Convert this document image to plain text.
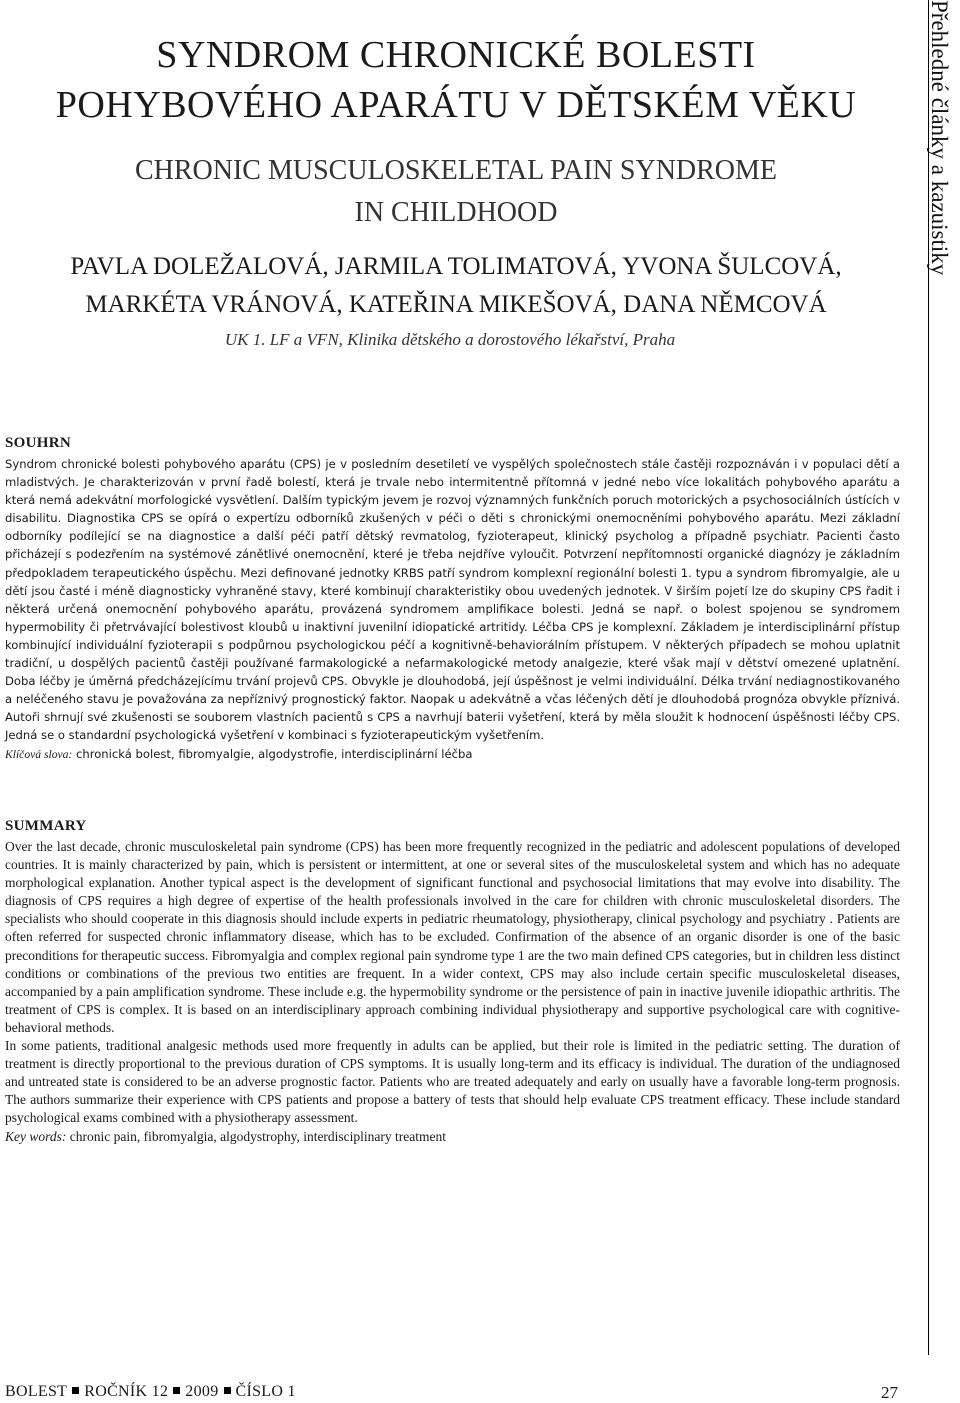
SYNDROM CHRONICKÉ BOLESTI
POHYBOVÉHO APARÁTU V DĚTSKÉM VĚKU
CHRONIC MUSCULOSKELETAL PAIN SYNDROME
IN CHILDHOOD
PAVLA DOLEŽALOVÁ, JARMILA TOLIMATOVÁ, YVONA ŠULCOVÁ,
MARKÉTA VRÁNOVÁ, KATEŘINA MIKEŠOVÁ, DANA NĚMCOVÁ
UK 1. LF a VFN, Klinika dětského a dorostového lékařství, Praha
Přehledné články a kazuistiky
SOUHRN

Syndrom chronické bolesti pohybového aparátu (CPS) je v posledním desetiletí ve vyspělých společnostech stále častěji rozpoznáván i v populaci dětí a mladistvých. Je charakterizován v první řadě bolestí, která je trvale nebo intermitentně přítomná v jedné nebo více lokalitách pohybového aparátu a která nemá adekvátní morfologické vysvětlení. Dalším typickým jevem je rozvoj významných funkčních poruch motorických a psychosociálních ústících v disabilitu. Diagnostika CPS se opírá o expertízu odborníků zkušených v péči o děti s chronickými onemocněními pohybového aparátu. Mezi základní odborníky podílející se na diagnostice a další péči patří dětský revmatolog, fyzioterapeut, klinický psycholog a případně psychiatr. Pacienti často přicházejí s podezřením na systémové zánětlivé onemocnění, které je třeba nejdříve vyloučit. Potvrzení nepřítomnosti organické diagnózy je základním předpokladem terapeutického úspěchu. Mezi definované jednotky KRBS patří syndrom komplexní regionální bolesti 1. typu a syndrom fibromyalgie, ale u dětí jsou časté i méně diagnosticky vyhraněné stavy, které kombinují charakteristiky obou uvedených jednotek. V širším pojetí lze do skupiny CPS řadit i některá určená onemocnění pohybového aparátu, provázená syndromem amplifikace bolesti. Jedná se např. o bolest spojenou se syndromem hypermobility či přetrvávající bolestivost kloubů u inaktivní juvenilní idiopatické artritidy. Léčba CPS je komplexní. Základem je interdisciplinární přístup kombinující individuální fyzioterapii s podpůrnou psychologickou péčí a kognitivně-behaviorálním přístupem. V některých případech se mohou uplatnit tradiční, u dospělých pacientů častěji používané farmakologické a nefarmakologické metody analgezie, které však mají v dětství omezené uplatnění. Doba léčby je úměrná předcházejícímu trvání projevů CPS. Obvykle je dlouhodobá, její úspěšnost je velmi individuální. Délka trvání nediagnostikovaného a neléčeného stavu je považována za nepříznivý prognostický faktor. Naopak u adekvátně a včas léčených dětí je dlouhodobá prognóza obvykle příznivá. Autoři shrnují své zkušenosti se souborem vlastních pacientů s CPS a navrhují baterii vyšetření, která by měla sloužit k hodnocení úspěšnosti léčby CPS. Jedná se o standardní psychologická vyšetření v kombinaci s fyzioterapeutickým vyšetřením.

Klíčová slova: chronická bolest, fibromyalgie, algodystrofie, interdisciplinární léčba

SUMMARY

Over the last decade, chronic musculoskeletal pain syndrome (CPS) has been more frequently recognized in the pediatric and adolescent populations of developed countries. It is mainly characterized by pain, which is persistent or intermittent, at one or several sites of the musculoskeletal system and which has no adequate morphological explanation. Another typical aspect is the development of significant functional and psychosocial limitations that may evolve into disability. The diagnosis of CPS requires a high degree of expertise of the health professionals involved in the care for children with chronic musculoskeletal disorders. The specialists who should cooperate in this diagnosis should include experts in pediatric rheumatology, physiotherapy, clinical psychology and psychiatry . Patients are often referred for suspected chronic inflammatory disease, which has to be excluded. Confirmation of the absence of an organic disorder is one of the basic preconditions for therapeutic success. Fibromyalgia and complex regional pain syndrome type 1 are the two main defined CPS categories, but in children less distinct conditions or combinations of the previous two entities are frequent. In a wider context, CPS may also include certain specific musculoskeletal diseases, accompanied by a pain amplification syndrome. These include e.g. the hypermobility syndrome or the persistence of pain in inactive juvenile idiopathic arthritis. The treatment of CPS is complex. It is based on an interdisciplinary approach combining individual physiotherapy and supportive psychological care with cognitive-behavioral methods.

In some patients, traditional analgesic methods used more frequently in adults can be applied, but their role is limited in the pediatric setting. The duration of treatment is directly proportional to the previous duration of CPS symptoms. It is usually long-term and its efficacy is individual. The duration of the undiagnosed and untreated state is considered to be an adverse prognostic factor. Patients who are treated adequately and early on usually have a favorable long-term prognosis. The authors summarize their experience with CPS patients and propose a battery of tests that should help evaluate CPS treatment efficacy. These include standard psychological exams combined with a physiotherapy assessment.

Key words: chronic pain, fibromyalgia, algodystrophy, interdisciplinary treatment

BOLEST ROČNÍK 12 2009 ČÍSLO 1	27
